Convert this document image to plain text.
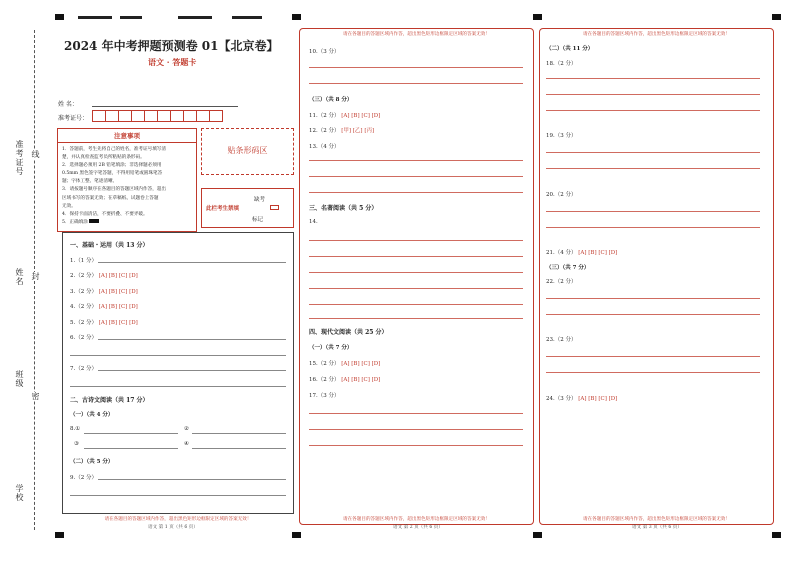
准考证号 线
姓名 封
班级
密
学校
2024 年中考押题预测卷 01【北京卷】
语文 · 答题卡
姓 名：
准考证号：
注意事项
1．答题前，考生先将自己的姓名，准考证号填写清
楚，并认真检查监考员所粘贴的条形码。
2．选择题必须用 2B 铅笔填涂；非选择题必须用
0.5mm 黑色签字笔答题，不得用铅笔或圆珠笔答
题；字体工整、笔迹清晰。
3．请按题号顺序在各题目的答题区域内作答，超出
区域书写的答案无效；在草稿纸、试题卷上答题
无效。
4．保持卡面清洁，不要折叠、不要弄破。
5．正确填涂
贴条形码区
此栏考生禁填
缺考
标记
一、基础・运用（共 13 分）
1.（1 分）
2.（2 分） [A] [B] [C] [D]
3.（2 分） [A] [B] [C] [D]
4.（2 分） [A] [B] [C] [D]
5.（2 分） [A] [B] [C] [D]
6.（2 分）
7.（2 分）
二、古诗文阅读（共 17 分）
（一）（共 4 分）
8.①	②
③	④
（二）（共 5 分）
9.（2 分）
请在各题目的答题区域内作答，超出黑色矩形边框限定区域的答案无效！
语文 第 1 页（共 6 页）
请在各题目的答题区域内作答，超出黑色矩形边框限定区域的答案无效！
10.（3 分）
（三）（共 8 分）
11.（2 分） [A] [B] [C] [D]
12.（2 分） [甲] [乙] [丙]
13.（4 分）
三、名著阅读（共 5 分）
14.
四、现代文阅读（共 25 分）
（一）（共 7 分）
15.（2 分） [A] [B] [C] [D]
16.（2 分） [A] [B] [C] [D]
17.（3 分）
请在各题目的答题区域内作答，超出黑色矩形边框限定区域的答案无效！
语文 第 2 页（共 6 页）
请在各题目的答题区域内作答，超出黑色矩形边框限定区域的答案无效！
（二）（共 11 分）
18.（2 分）
19.（3 分）
20.（2 分）
21.（4 分） [A] [B] [C] [D]
（三）（共 7 分）
22.（2 分）
23.（2 分）
24.（3 分） [A] [B] [C] [D]
请在各题目的答题区域内作答，超出黑色矩形边框限定区域的答案无效！
语文 第 3 页（共 6 页）
